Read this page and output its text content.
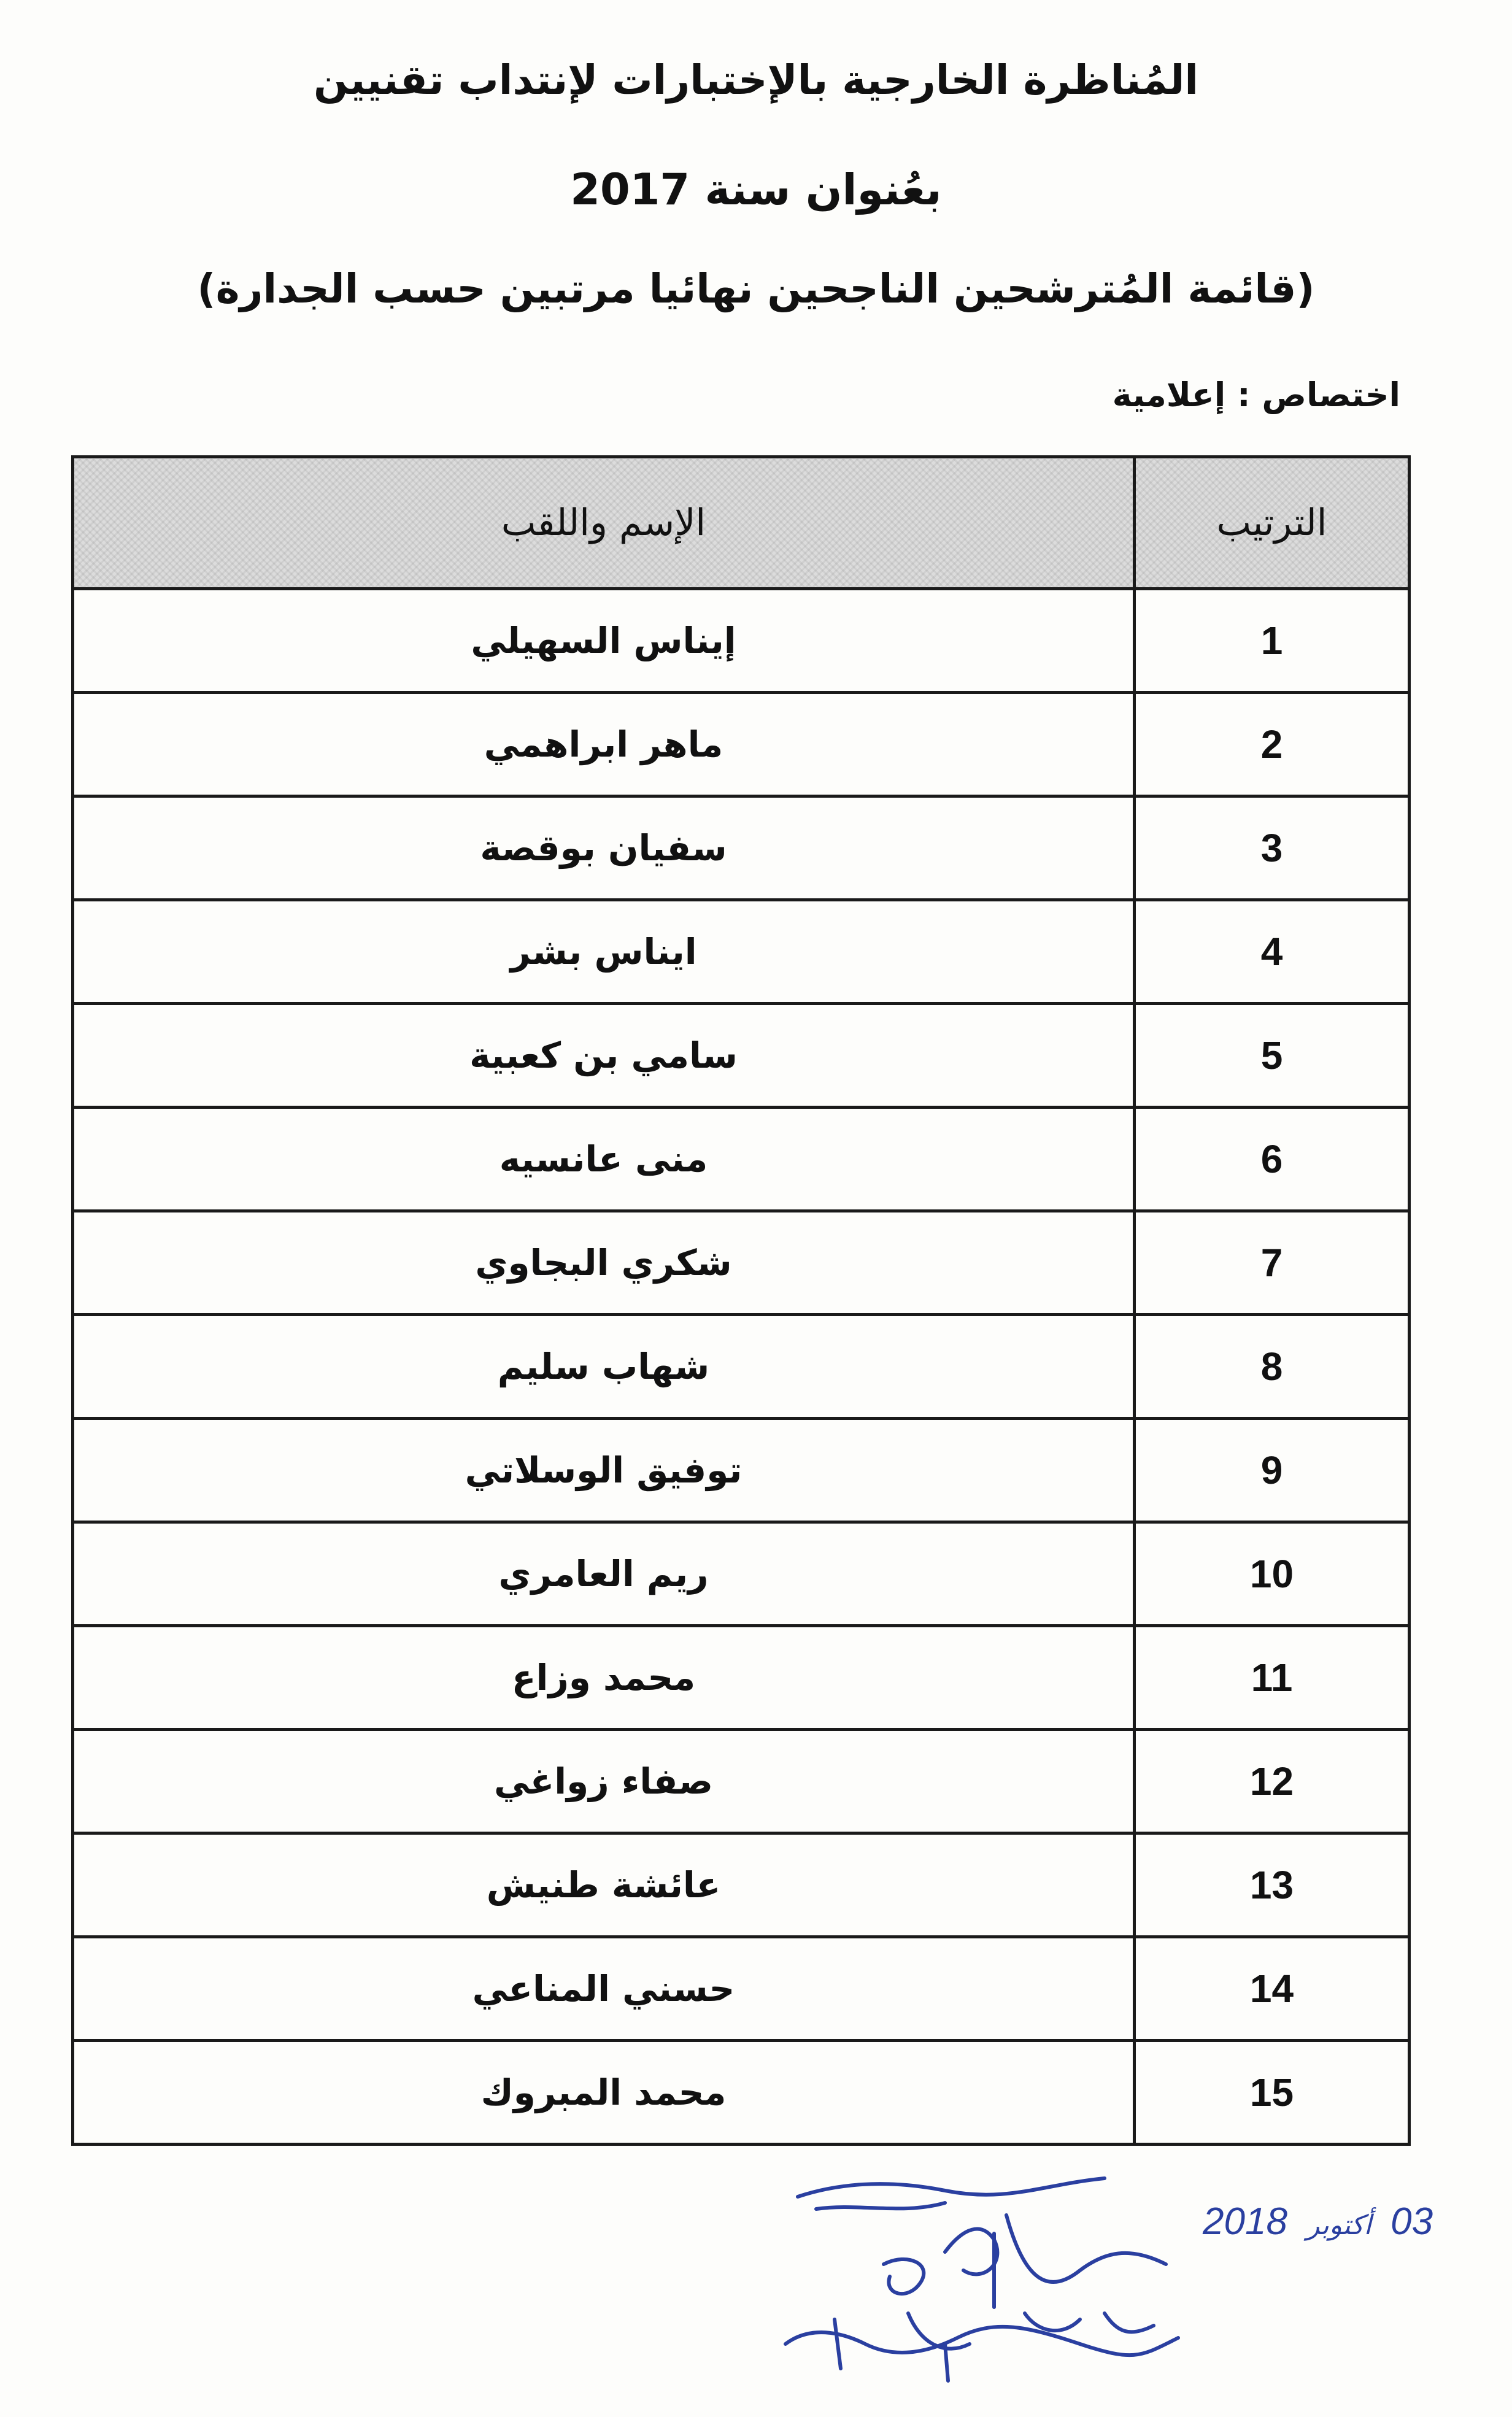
المُناظرة الخارجية بالإختبارات لإنتداب تقنيين
بعُنوان سنة 2017
(قائمة المُترشحين الناجحين نهائيا مرتبين حسب الجدارة)
اختصاص : إعلامية
الترتيب	الإسم واللقب
1	إيناس السهيلي
2	ماهر ابراهمي
3	سفيان بوقصة
4	ايناس بشر
5	سامي بن كعبية
6	منى عانسيه
7	شكري البجاوي
8	شهاب سليم
9	توفيق الوسلاتي
10	ريم العامري
11	محمد وزاع
12	صفاء زواغي
13	عائشة طنيش
14	حسني المناعي
15	محمد المبروك
03 أكتوبر 2018
